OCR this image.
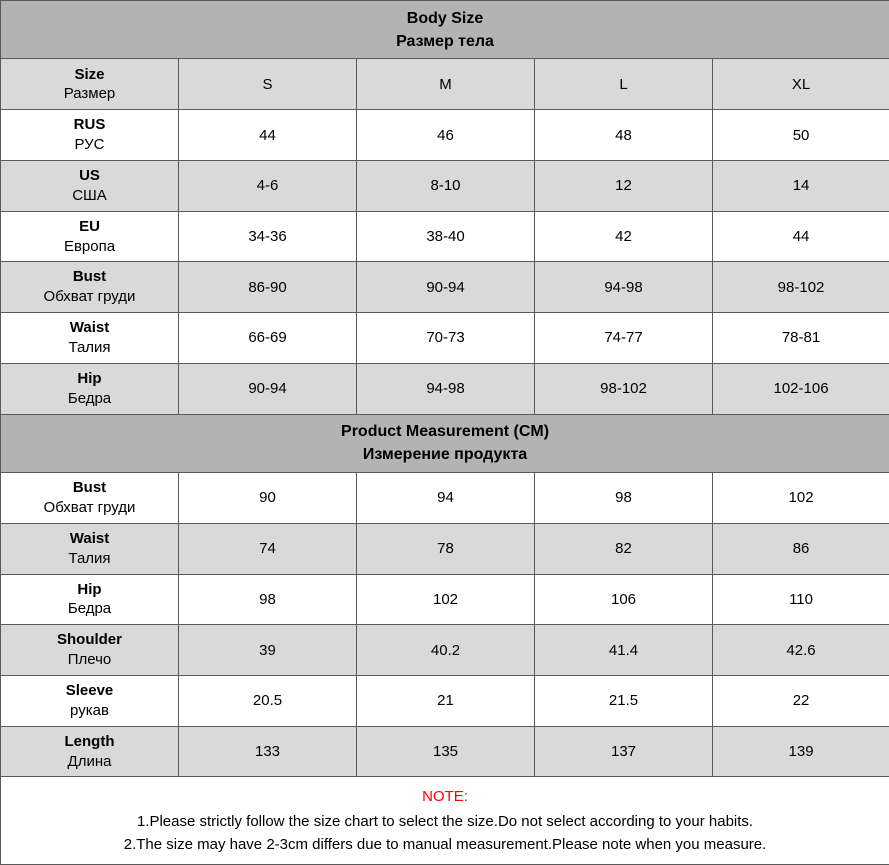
Body Size
Размер тела				

Size
Размер	S	M	L	XL

RUS
РУС	44	46	48	50

US
США	4-6	8-10	12	14

EU
Европа	34-36	38-40	42	44

Bust
Обхват груди	86-90	90-94	94-98	98-102

Waist
Талия	66-69	70-73	74-77	78-81

Hip
Бедра	90-94	94-98	98-102	102-106

Product Measurement (CM)
Измерение продукта				

Bust
Обхват груди	90	94	98	102

Waist
Талия	74	78	82	86

Hip
Бедра	98	102	106	110

Shoulder
Плечо	39	40.2	41.4	42.6

Sleeve
рукав	20.5	21	21.5	22

Length
Длина	133	135	137	139

NOTE:
1.Please strictly follow the size chart to select the size.Do not select according to your habits.
2.The size may have 2-3cm differs due to manual measurement.Please note when you measure.				
